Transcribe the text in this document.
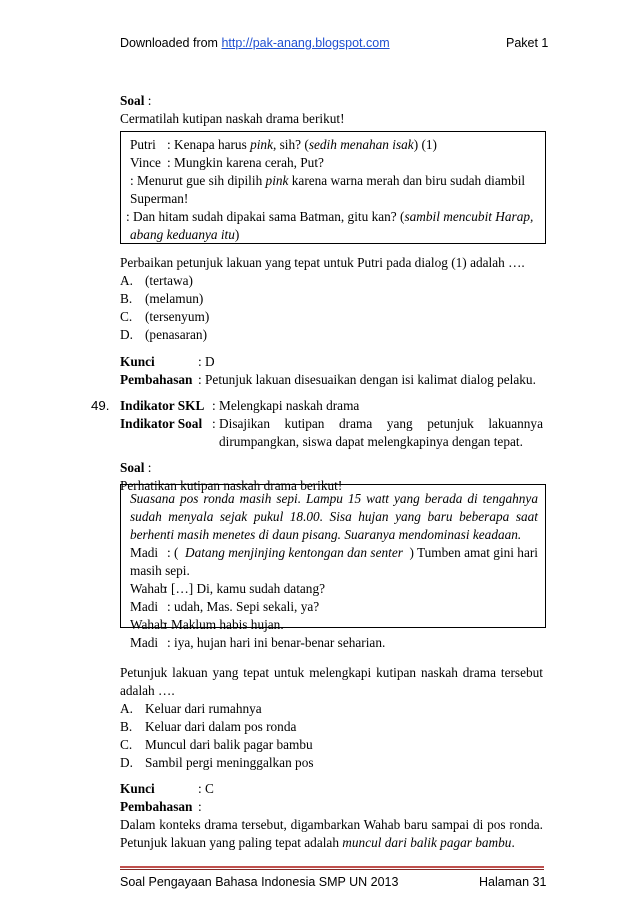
Downloaded from http://pak-anang.blogspot.com	Paket 1
Soal :
Cermatilah kutipan naskah drama berikut!
Putri : Kenapa harus pink, sih? (sedih menahan isak) (1)
Vince : Mungkin karena cerah, Put?
: Menurut gue sih dipilih pink karena warna merah dan biru sudah diambil
Superman!
: Dan hitam sudah dipakai sama Batman, gitu kan? (sambil mencubit Harap,
abang keduanya itu)
Perbaikan petunjuk lakuan yang tepat untuk Putri pada dialog (1) adalah ….
A. (tertawa)
B. (melamun)
C. (tersenyum)
D. (penasaran)
Kunci	: D
Pembahasan : Petunjuk lakuan disesuaikan dengan isi kalimat dialog pelaku.
49. Indikator SKL : Melengkapi naskah drama
Indikator Soal : Disajikan kutipan drama yang petunjuk lakuannya
dirumpangkan, siswa dapat melengkapinya dengan tepat.
Soal :
Perhatikan kutipan naskah drama berikut!
Suasana pos ronda masih sepi. Lampu 15 watt yang berada di tengahnya
sudah menyala sejak pukul 18.00. Sisa hujan yang baru beberapa saat
berhenti masih menetes di daun pisang. Suaranya mendominasi keadaan.
Madi : ( Datang menjinjing kentongan dan senter ) Tumben amat gini hari
masih sepi.
Wahab
: […] Di, kamu sudah datang?
Madi : udah, Mas. Sepi sekali, ya?
Wahab
: Maklum habis hujan.
Madi : iya, hujan hari ini benar-benar seharian.
Petunjuk lakuan yang tepat untuk melengkapi kutipan naskah drama tersebut
adalah ….
A. Keluar dari rumahnya
B. Keluar dari dalam pos ronda
C. Muncul dari balik pagar bambu
D. Sambil pergi meninggalkan pos
Kunci	: C
Pembahasan :
Dalam konteks drama tersebut, digambarkan Wahab baru sampai di pos ronda.
Petunjuk lakuan yang paling tepat adalah muncul dari balik pagar bambu.
Soal Pengayaan Bahasa Indonesia SMP UN 2013	Halaman 31
